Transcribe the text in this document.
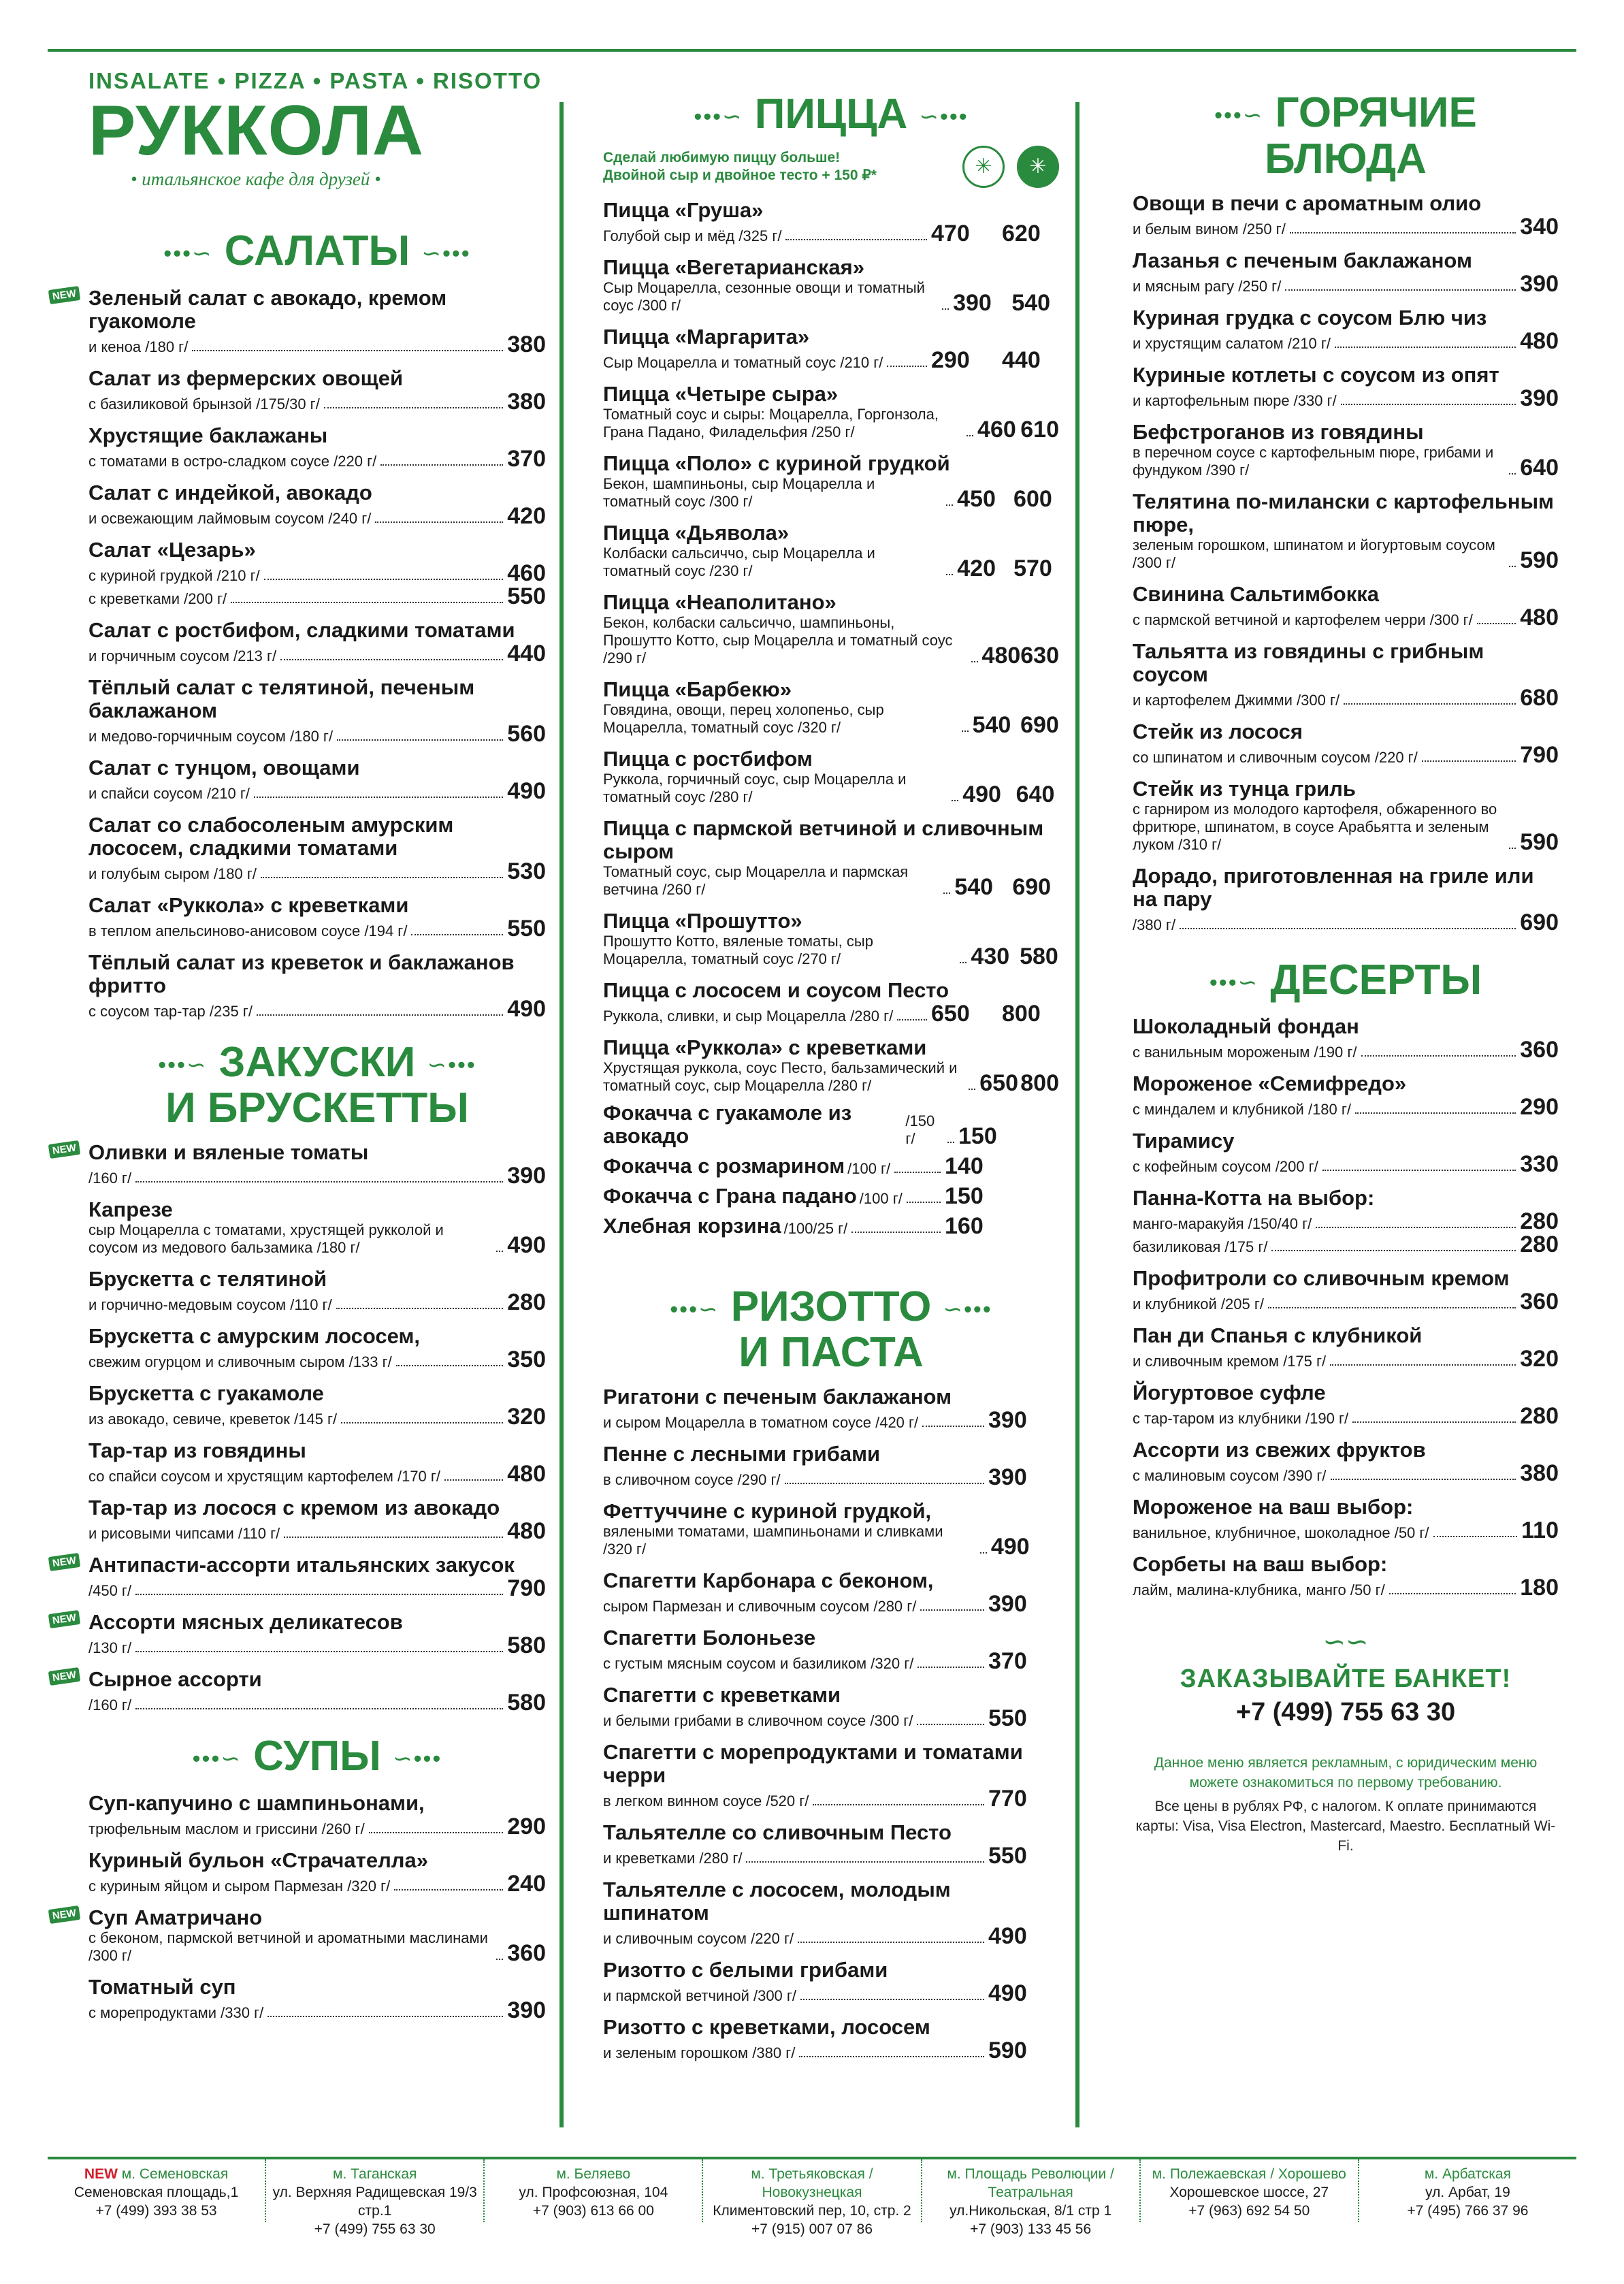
INSALATE • PIZZA • PASTA • RISOTTO
РУККОЛА
• итальянское кафе для друзей •
•••∽ САЛАТЫ ∽•••
NEW Зеленый салат с авокадо, кремом гуакомоле
и кеноа /180 г/	380
Салат из фермерских овощей
с базиликовой брынзой /175/30 г/	380
Хрустящие баклажаны
с томатами в остро-сладком соусе /220 г/	370
Салат с индейкой, авокадо
и освежающим лаймовым соусом /240 г/	420
Салат «Цезарь»
с куриной грудкой /210 г/	460
с креветками /200 г/	550
Салат с ростбифом, сладкими томатами
и горчичным соусом /213 г/	440
Тёплый салат с телятиной, печеным баклажаном
и медово-горчичным соусом /180 г/	560
Салат с тунцом, овощами
и спайси соусом /210 г/	490
Салат со слабосоленым амурским лососем, сладкими томатами
и голубым сыром /180 г/	530
Салат «Руккола» с креветками
в теплом апельсиново-анисовом соусе /194 г/	550
Тёплый салат из креветок и баклажанов фритто
с соусом тар-тар /235 г/	490
•••∽ ЗАКУСКИ ∽•••
И БРУСКЕТТЫ
NEW Оливки и вяленые томаты
/160 г/	390
Капрезе
сыр Моцарелла с томатами, хрустящей рукколой и соусом из медового бальзамика /180 г/	490
Брускетта с телятиной
и горчично-медовым соусом /110 г/	280
Брускетта с амурским лососем,
свежим огурцом и сливочным сыром /133 г/	350
Брускетта с гуакамоле
из авокадо, севиче, креветок /145 г/	320
Тар-тар из говядины
со спайси соусом и хрустящим картофелем /170 г/	480
Тар-тар из лосося с кремом из авокадо
и рисовыми чипсами /110 г/	480
NEW Антипасти-ассорти итальянских закусок
/450 г/	790
NEW Ассорти мясных деликатесов
/130 г/	580
NEW Сырное ассорти
/160 г/	580
•••∽ СУПЫ ∽•••
Суп-капучино с шампиньонами,
трюфельным маслом и гриссини /260 г/	290
Куриный бульон «Страчателла»
с куриным яйцом и сыром Пармезан /320 г/	240
NEW Суп Аматричано
с беконом, пармской ветчиной и ароматными маслинами /300 г/	360
Томатный суп
с морепродуктами /330 г/	390
•••∽ ПИЦЦА ∽•••
Сделай любимую пиццу больше!
Двойной сыр и двойное тесто + 150 ₽*	✳	✳
Пицца «Груша»
Голубой сыр и мёд /325 г/	470	620
Пицца «Вегетарианская»
Сыр Моцарелла, сезонные овощи и томатный соус /300 г/	390 540
Пицца «Маргарита»
Сыр Моцарелла и томатный соус /210 г/ 290	440
Пицца «Четыре сыра»
Томатный соус и сыры: Моцарелла, Горгонзола, Грана Падано, Филадельфия /250 г/	460 610
Пицца «Поло» с куриной грудкой
Бекон, шампиньоны, сыр Моцарелла и томатный соус /300 г/	450 600
Пицца «Дьявола»
Колбаски сальсиччо, сыр Моцарелла и томатный соус /230 г/	420 570
Пицца «Неаполитано»
Бекон, колбаски сальсиччо, шампиньоны, Прошутто Котто, сыр Моцарелла и томатный соус /290 г/	480 630
Пицца «Барбекю»
Говядина, овощи, перец холопеньо, сыр Моцарелла, томатный соус /320 г/	540 690
Пицца с ростбифом
Руккола, горчичный соус, сыр Моцарелла и томатный соус /280 г/	490 640
Пицца с пармской ветчиной и сливочным сыром
Томатный соус, сыр Моцарелла и пармская ветчина /260 г/	540 690
Пицца «Прошутто»
Прошутто Котто, вяленые томаты, сыр Моцарелла, томатный соус /270 г/	430 580
Пицца с лососем и соусом Песто
Руккола, сливки, и сыр Моцарелла /280 г/ 650	800
Пицца «Руккола» с креветками
Хрустящая руккола, соус Песто, бальзамический и томатный соус, сыр Моцарелла /280 г/	650 800
Фокачча с гуакамоле из авокадо
/150 г/	150
Фокачча с розмарином /100 г/ 140
Фокачча с Грана падано /100 г/ 150
Хлебная корзина /100/25 г/	160
•••∽ РИЗОТТО ∽•••
И ПАСТА
Ригатони с печеным баклажаном
и сыром Моцарелла в томатном соусе /420 г/	390
Пенне с лесными грибами
в сливочном соусе /290 г/	390
Феттуччине с куриной грудкой,
вялеными томатами, шампиньонами и сливками /320 г/	490
Спагетти Карбонара с беконом,
сыром Пармезан и сливочным соусом /280 г/	390
Спагетти Болоньезе
с густым мясным соусом и базиликом /320 г/	370
Спагетти с креветками
и белыми грибами в сливочном соусе /300 г/	550
Спагетти с морепродуктами и томатами черри
в легком винном соусе /520 г/	770
Тальятелле со сливочным Песто
и креветками /280 г/	550
Тальятелле с лососем, молодым шпинатом
и сливочным соусом /220 г/	490
Ризотто с белыми грибами
и пармской ветчиной /300 г/	490
Ризотто с креветками, лососем
и зеленым горошком /380 г/	590
•••∽ ГОРЯЧИЕ
БЛЮДА
Овощи в печи с ароматным олио
и белым вином /250 г/	340
Лазанья с печеным баклажаном
и мясным рагу /250 г/	390
Куриная грудка с соусом Блю чиз
и хрустящим салатом /210 г/	480
Куриные котлеты с соусом из опят
и картофельным пюре /330 г/	390
Бефстроганов из говядины
в перечном соусе с картофельным пюре, грибами и фундуком /390 г/	640
Телятина по-милански с картофельным пюре,
зеленым горошком, шпинатом и йогуртовым соусом /300 г/	590
Свинина Сальтимбокка
с пармской ветчиной и картофелем черри /300 г/ 480
Тальятта из говядины с грибным соусом
и картофелем Джимми /300 г/	680
Стейк из лосося
со шпинатом и сливочным соусом /220 г/	790
Стейк из тунца гриль
с гарниром из молодого картофеля, обжаренного во фритюре, шпинатом, в соусе Арабьятта и зеленым луком /310 г/	590
Дорадо, приготовленная на гриле или на пару
/380 г/	690
•••∽ ДЕСЕРТЫ
Шоколадный фондан
с ванильным мороженым /190 г/	360
Мороженое «Семифредо»
с миндалем и клубникой /180 г/	290
Тирамису
с кофейным соусом /200 г/	330
Панна-Котта на выбор:
манго-маракуйя /150/40 г/	280
базиликовая /175 г/	280
Профитроли со сливочным кремом
и клубникой /205 г/	360
Пан ди Спанья с клубникой
и сливочным кремом /175 г/	320
Йогуртовое суфле
с тар-таром из клубники /190 г/	280
Ассорти из свежих фруктов
с малиновым соусом /390 г/	380
Мороженое на ваш выбор:
ванильное, клубничное, шоколадное /50 г/	110
Сорбеты на ваш выбор:
лайм, малина-клубника, манго /50 г/	180
∽∽
ЗАКАЗЫВАЙТЕ БАНКЕТ!
+7 (499) 755 63 30
Данное меню является рекламным, с юридическим меню можете ознакомиться по первому требованию.
Все цены в рублях РФ, с налогом. К оплате принимаются карты: Visa, Visa Electron, Mastercard, Maestro. Бесплатный Wi-Fi.
NEW м. Семеновская
Семеновская площадь,1
+7 (499) 393 38 53
м. Таганская
ул. Верхняя Радищевская 19/3 стр.1
+7 (499) 755 63 30
м. Беляево
ул. Профсоюзная, 104
+7 (903) 613 66 00
м. Третьяковская / Новокузнецкая
Климентовский пер, 10, стр. 2
+7 (915) 007 07 86
м. Площадь Революции / Театральная
ул.Никольская, 8/1 стр 1
+7 (903) 133 45 56
м. Полежаевская / Хорошево
Хорошевское шоссе, 27
+7 (963) 692 54 50
м. Арбатская
ул. Арбат, 19
+7 (495) 766 37 96
